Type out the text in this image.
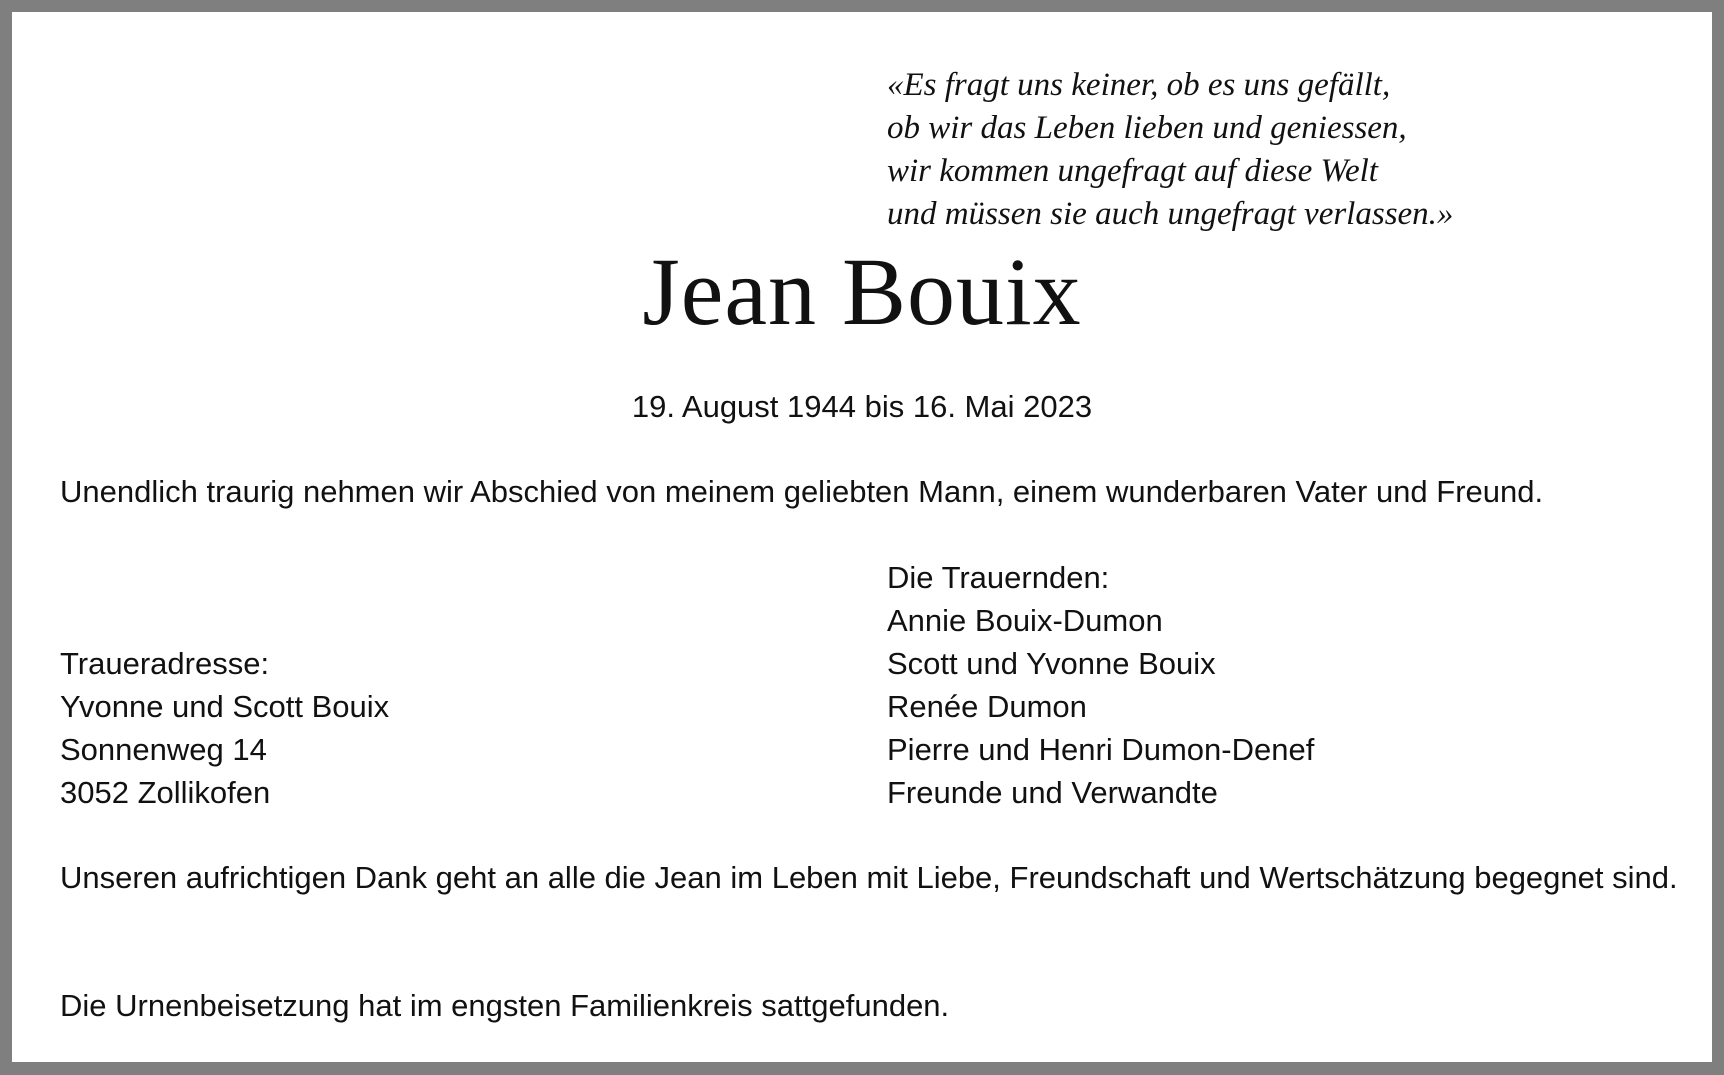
«Es fragt uns keiner, ob es uns gefällt,
ob wir das Leben lieben und geniessen,
wir kommen ungefragt auf diese Welt
und müssen sie auch ungefragt verlassen.»
Jean Bouix
19. August 1944 bis 16. Mai 2023
Unendlich traurig nehmen wir Abschied von meinem geliebten Mann, einem wunderbaren Vater und Freund.
Die Trauernden:
Annie Bouix-Dumon
Scott und Yvonne Bouix
Renée Dumon
Pierre und Henri Dumon-Denef
Freunde und Verwandte
Traueradresse:
Yvonne und Scott Bouix
Sonnenweg 14
3052 Zollikofen
Unseren aufrichtigen Dank geht an alle die Jean im Leben mit Liebe, Freundschaft und Wertschätzung begegnet sind.
Die Urnenbeisetzung hat im engsten Familienkreis sattgefunden.
